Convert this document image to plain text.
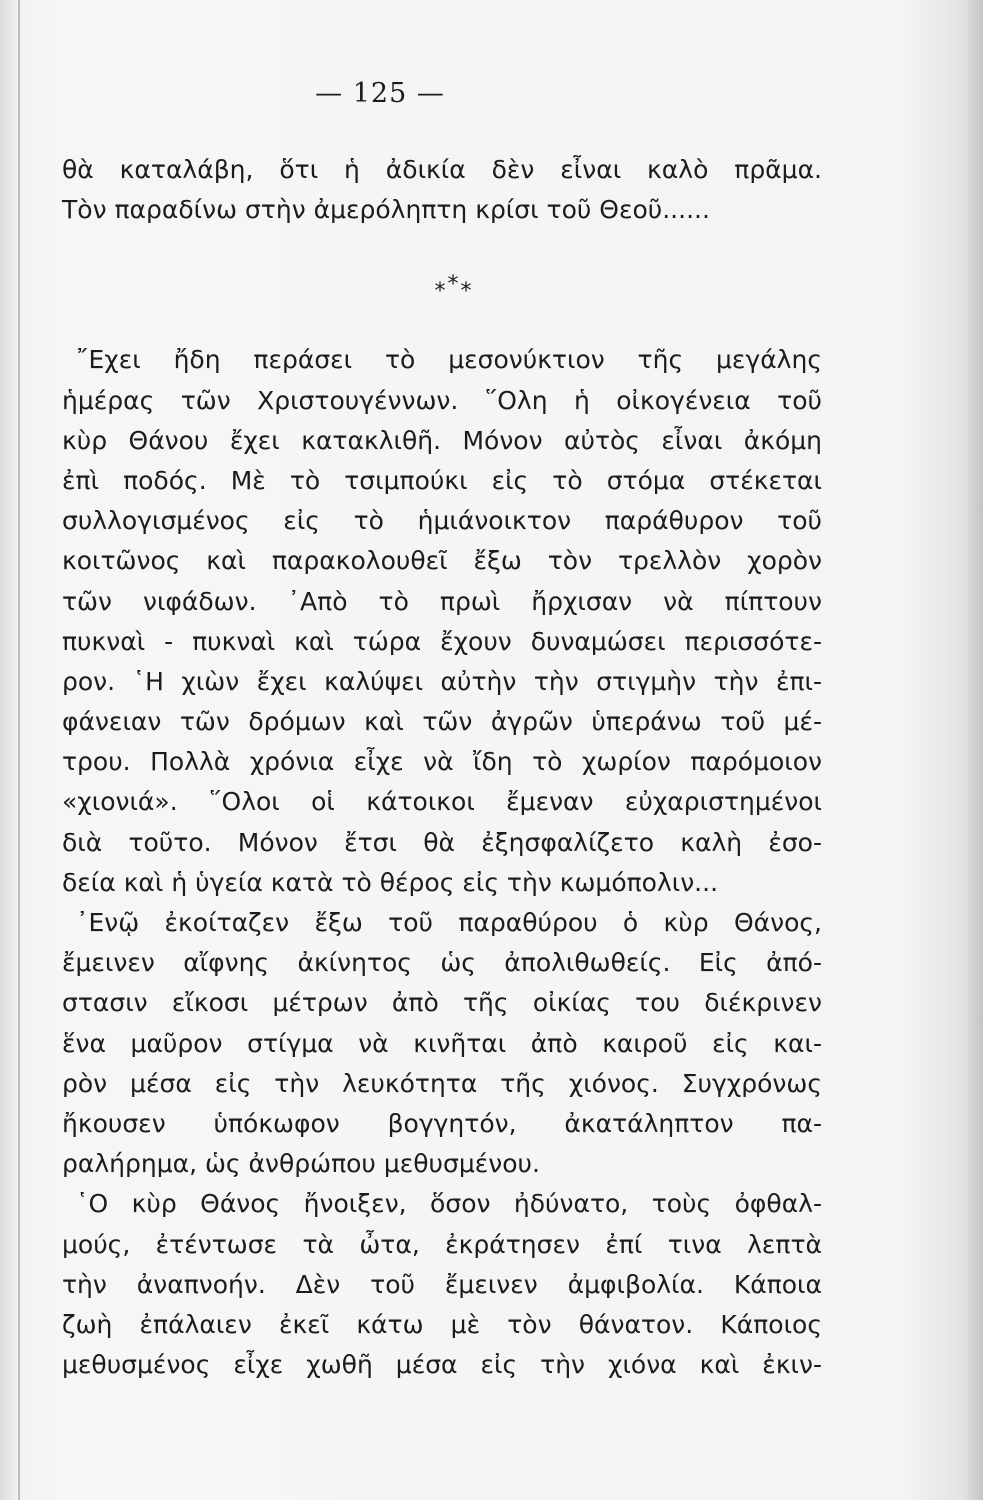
— 125 —
θὰ καταλάβη, ὅτι ἡ ἀδικία δὲν εἶναι καλὸ πρᾶμα.
Τὸν παραδίνω στὴν ἀμερόληπτη κρίσι τοῦ Θεοῦ......
⁎*⁎
῎Εχει ἤδη περάσει τὸ μεσονύκτιον τῆς μεγάλης
ἡμέρας τῶν Χριστουγέννων. ῞Ολη ἡ οἰκογένεια τοῦ
κὺρ Θάνου ἔχει κατακλιθῆ. Μόνον αὐτὸς εἶναι ἀκόμη
ἐπὶ ποδός. Μὲ τὸ τσιμπούκι εἰς τὸ στόμα στέκεται
συλλογισμένος εἰς τὸ ἡμιάνοικτον παράθυρον τοῦ
κοιτῶνος καὶ παρακολουθεῖ ἔξω τὸν τρελλὸν χορὸν
τῶν νιφάδων. ᾿Απὸ τὸ πρωὶ ἤρχισαν νὰ πίπτουν
πυκναὶ - πυκναὶ καὶ τώρα ἔχουν δυναμώσει περισσότε-
ρον. ῾Η χιὼν ἔχει καλύψει αὐτὴν τὴν στιγμὴν τὴν ἐπι-
φάνειαν τῶν δρόμων καὶ τῶν ἀγρῶν ὑπεράνω τοῦ μέ-
τρου. Πολλὰ χρόνια εἶχε νὰ ἴδη τὸ χωρίον παρόμοιον
«χιονιά». ῞Ολοι οἱ κάτοικοι ἔμεναν εὐχαριστημένοι
διὰ τοῦτο. Μόνον ἔτσι θὰ ἐξησφαλίζετο καλὴ ἐσο-
δεία καὶ ἡ ὑγεία κατὰ τὸ θέρος εἰς τὴν κωμόπολιν...
᾿Ενῷ ἐκοίταζεν ἔξω τοῦ παραθύρου ὁ κὺρ Θάνος,
ἔμεινεν αἴφνης ἀκίνητος ὡς ἀπολιθωθείς. Εἰς ἀπό-
στασιν εἴκοσι μέτρων ἀπὸ τῆς οἰκίας του διέκρινεν
ἕνα μαῦρον στίγμα νὰ κινῆται ἀπὸ καιροῦ εἰς και-
ρὸν μέσα εἰς τὴν λευκότητα τῆς χιόνος. Συγχρόνως
ἤκουσεν ὑπόκωφον βογγητόν, ἀκατάληπτον πα-
ραλήρημα, ὡς ἀνθρώπου μεθυσμένου.
῾Ο κὺρ Θάνος ἤνοιξεν, ὅσον ἠδύνατο, τοὺς ὀφθαλ-
μούς, ἐτέντωσε τὰ ὦτα, ἐκράτησεν ἐπί τινα λεπτὰ
τὴν ἀναπνοήν. Δὲν τοῦ ἔμεινεν ἀμφιβολία. Κάποια
ζωὴ ἐπάλαιεν ἐκεῖ κάτω μὲ τὸν θάνατον. Κάποιος
μεθυσμένος εἶχε χωθῆ μέσα εἰς τὴν χιόνα καὶ ἐκιν-
